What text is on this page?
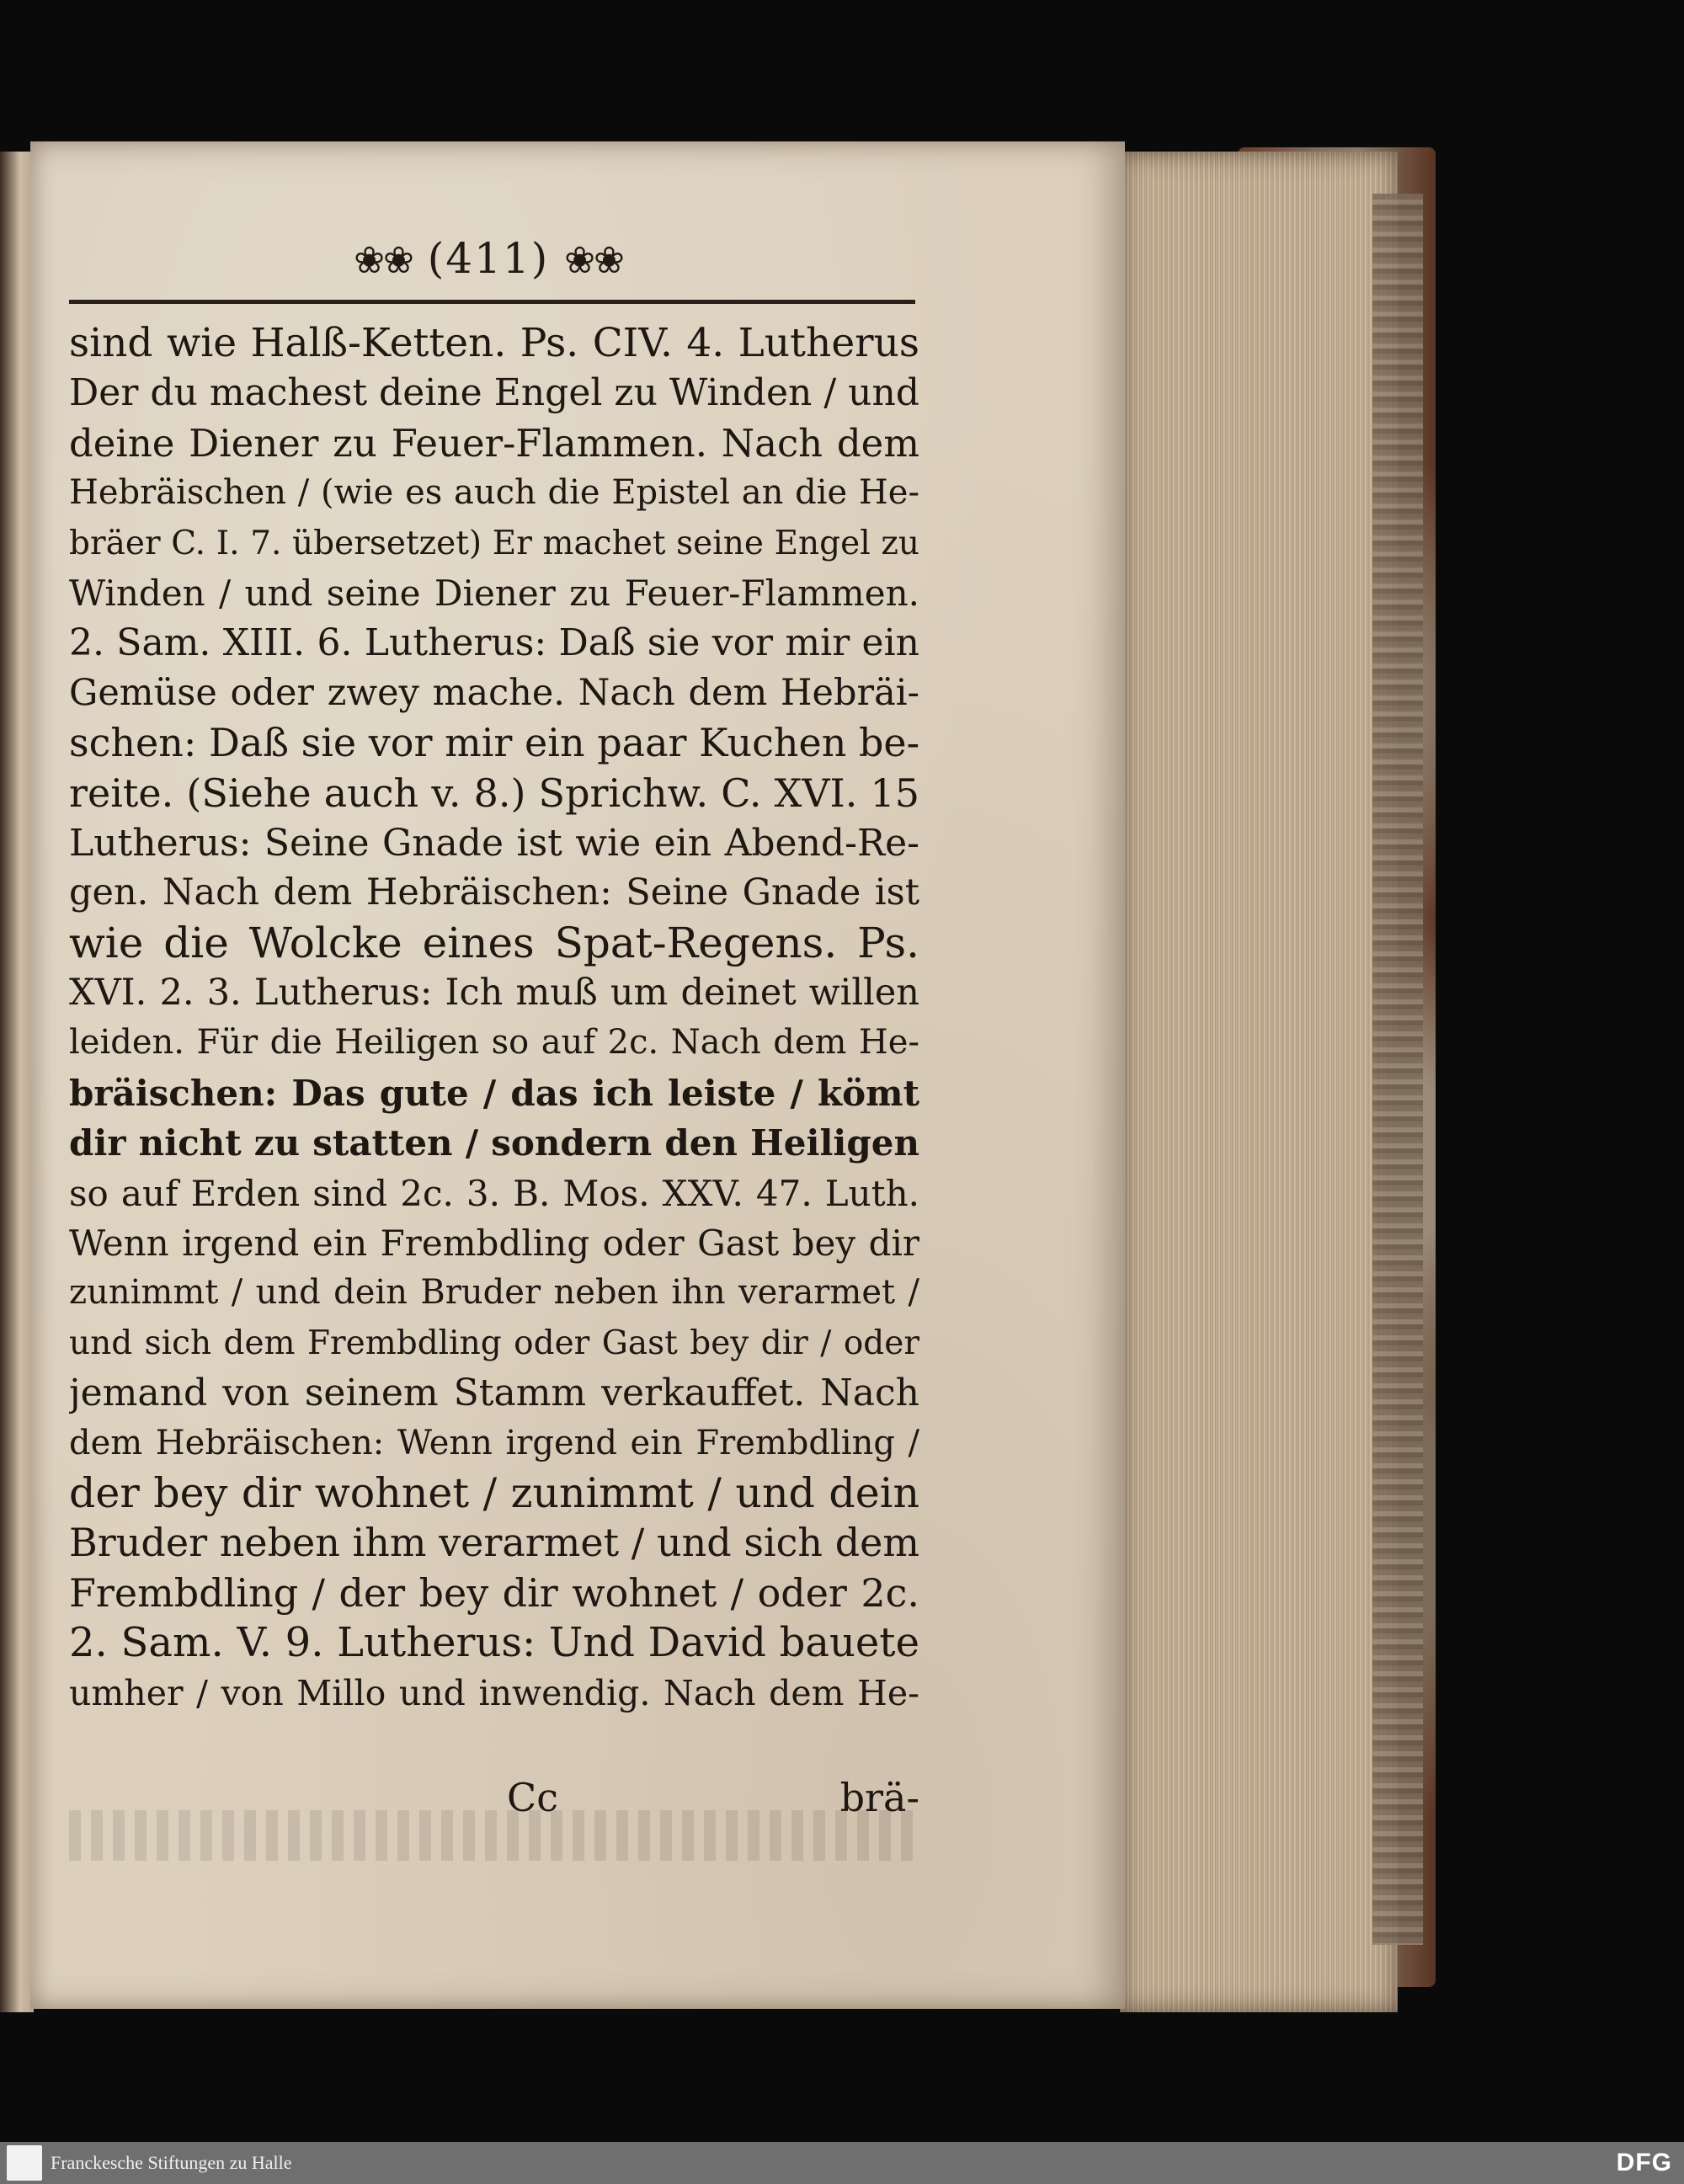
❀❀ (411) ❀❀
sind wie Halß-Ketten. Ps. CIV. 4. Lutherus
Der du machest deine Engel zu Winden / und
deine Diener zu Feuer-Flammen. Nach dem
Hebräischen / (wie es auch die Epistel an die He-
bräer C. I. 7. übersetzet) Er machet seine Engel zu
Winden / und seine Diener zu Feuer-Flammen.
2. Sam. XIII. 6. Lutherus: Daß sie vor mir ein
Gemüse oder zwey mache. Nach dem Hebräi-
schen: Daß sie vor mir ein paar Kuchen be-
reite. (Siehe auch v. 8.) Sprichw. C. XVI. 15
Lutherus: Seine Gnade ist wie ein Abend-Re-
gen. Nach dem Hebräischen: Seine Gnade ist
wie die Wolcke eines Spat-Regens. Ps.
XVI. 2. 3. Lutherus: Ich muß um deinet willen
leiden. Für die Heiligen so auf 2c. Nach dem He-
bräischen: Das gute / das ich leiste / kömt
dir nicht zu statten / sondern den Heiligen
so auf Erden sind 2c. 3. B. Mos. XXV. 47. Luth.
Wenn irgend ein Frembdling oder Gast bey dir
zunimmt / und dein Bruder neben ihn verarmet /
und sich dem Frembdling oder Gast bey dir / oder
jemand von seinem Stamm verkauffet. Nach
dem Hebräischen: Wenn irgend ein Frembdling /
der bey dir wohnet / zunimmt / und dein
Bruder neben ihm verarmet / und sich dem
Frembdling / der bey dir wohnet / oder 2c.
2. Sam. V. 9. Lutherus: Und David bauete
umher / von Millo und inwendig. Nach dem He-
Cc	brä-
Franckesche Stiftungen zu Halle	DFG
